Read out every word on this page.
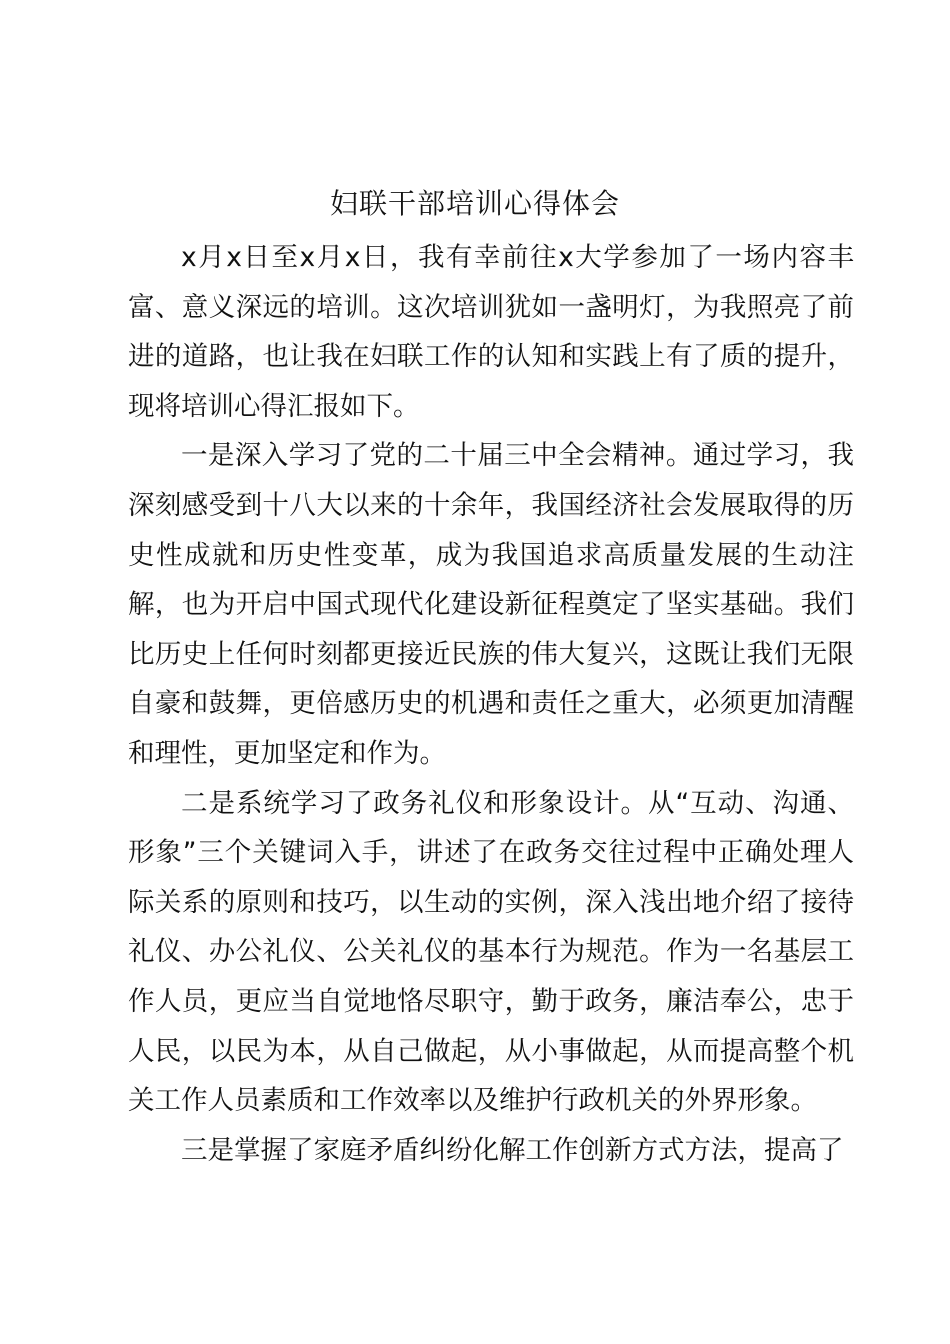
妇联干部培训心得体会

x月x日至x月x日，我有幸前往x大学参加了一场内容丰富、意义深远的培训。这次培训犹如一盏明灯，为我照亮了前进的道路，也让我在妇联工作的认知和实践上有了质的提升，现将培训心得汇报如下。

一是深入学习了党的二十届三中全会精神。通过学习，我深刻感受到十八大以来的十余年，我国经济社会发展取得的历史性成就和历史性变革，成为我国追求高质量发展的生动注解，也为开启中国式现代化建设新征程奠定了坚实基础。我们比历史上任何时刻都更接近民族的伟大复兴，这既让我们无限自豪和鼓舞，更倍感历史的机遇和责任之重大，必须更加清醒和理性，更加坚定和作为。

二是系统学习了政务礼仪和形象设计。从“互动、沟通、形象”三个关键词入手，讲述了在政务交往过程中正确处理人际关系的原则和技巧，以生动的实例，深入浅出地介绍了接待礼仪、办公礼仪、公关礼仪的基本行为规范。作为一名基层工作人员，更应当自觉地恪尽职守，勤于政务，廉洁奉公，忠于人民，以民为本，从自己做起，从小事做起，从而提高整个机关工作人员素质和工作效率以及维护行政机关的外界形象。

三是掌握了家庭矛盾纠纷化解工作创新方式方法，提高了
